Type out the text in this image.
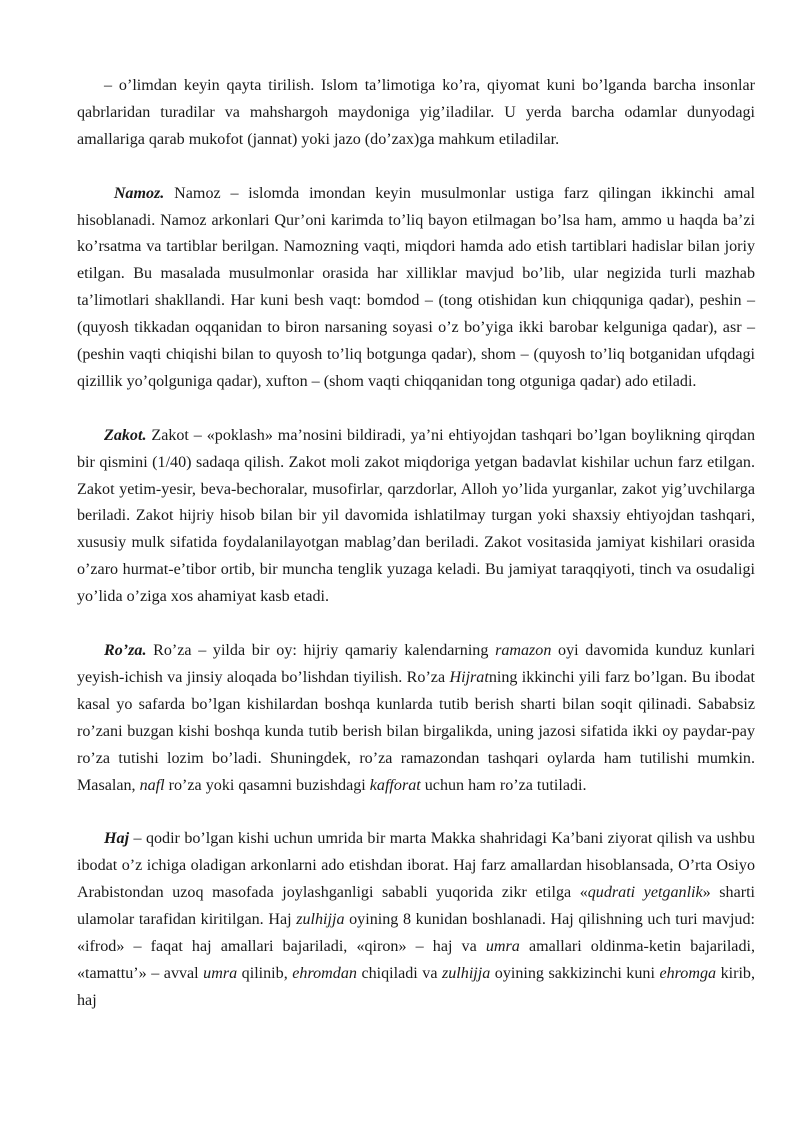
– o’limdan keyin qayta tirilish. Islom ta’limotiga ko’ra, qiyomat kuni bo’lganda barcha insonlar qabrlaridan turadilar va mahshargoh maydoniga yig’iladilar. U yerda barcha odamlar dunyodagi amallariga qarab mukofot (jannat) yoki jazo (do’zax)ga mahkum etiladilar.

Namoz. Namoz – islomda imondan keyin musulmonlar ustiga farz qilingan ikkinchi amal hisoblanadi. Namoz arkonlari Qur’oni karimda to’liq bayon etilmagan bo’lsa ham, ammo u haqda ba’zi ko’rsatma va tartiblar berilgan. Namozning vaqti, miqdori hamda ado etish tartiblari hadislar bilan joriy etilgan. Bu masalada musulmonlar orasida har xilliklar mavjud bo’lib, ular negizida turli mazhab ta’limotlari shakllandi. Har kuni besh vaqt: bomdod – (tong otishidan kun chiqquniga qadar), peshin – (quyosh tikkadan oqqanidan to biron narsaning soyasi o’z bo’yiga ikki barobar kelguniga qadar), asr – (peshin vaqti chiqishi bilan to quyosh to’liq botgunga qadar), shom – (quyosh to’liq botganidan ufqdagi qizillik yo’qolguniga qadar), xufton – (shom vaqti chiqqanidan tong otguniga qadar) ado etiladi.

Zakot. Zakot – «poklash» ma’nosini bildiradi, ya’ni ehtiyojdan tashqari bo’lgan boylikning qirqdan bir qismini (1/40) sadaqa qilish. Zakot moli zakot miqdoriga yetgan badavlat kishilar uchun farz etilgan. Zakot yetim-yesir, beva-bechoralar, musofirlar, qarzdorlar, Alloh yo’lida yurganlar, zakot yig’uvchilarga beriladi. Zakot hijriy hisob bilan bir yil davomida ishlatilmay turgan yoki shaxsiy ehtiyojdan tashqari, xususiy mulk sifatida foydalanilayotgan mablag’dan beriladi. Zakot vositasida jamiyat kishilari orasida o’zaro hurmat-e’tibor ortib, bir muncha tenglik yuzaga keladi. Bu jamiyat taraqqiyoti, tinch va osudaligi yo’lida o’ziga xos ahamiyat kasb etadi.

Ro’za. Ro’za – yilda bir oy: hijriy qamariy kalendarning ramazon oyi davomida kunduz kunlari yeyish-ichish va jinsiy aloqada bo’lishdan tiyilish. Ro’za Hijratning ikkinchi yili farz bo’lgan. Bu ibodat kasal yo safarda bo’lgan kishilardan boshqa kunlarda tutib berish sharti bilan soqit qilinadi. Sababsiz ro’zani buzgan kishi boshqa kunda tutib berish bilan birgalikda, uning jazosi sifatida ikki oy paydar-pay ro’za tutishi lozim bo’ladi. Shuningdek, ro’za ramazondan tashqari oylarda ham tutilishi mumkin. Masalan, nafl ro’za yoki qasamni buzishdagi kafforat uchun ham ro’za tutiladi.

Haj – qodir bo’lgan kishi uchun umrida bir marta Makka shahridagi Ka’bani ziyorat qilish va ushbu ibodat o’z ichiga oladigan arkonlarni ado etishdan iborat. Haj farz amallardan hisoblansada, O’rta Osiyo Arabistondan uzoq masofada joylashganligi sababli yuqorida zikr etilga «qudrati yetganlik» sharti ulamolar tarafidan kiritilgan. Haj zulhijja oyining 8 kunidan boshlanadi. Haj qilishning uch turi mavjud: «ifrod» – faqat haj amallari bajariladi, «qiron» – haj va umra amallari oldinma-ketin bajariladi, «tamattu’» – avval umra qilinib, ehromdan chiqiladi va zulhijja oyining sakkizinchi kuni ehromga kirib, haj
